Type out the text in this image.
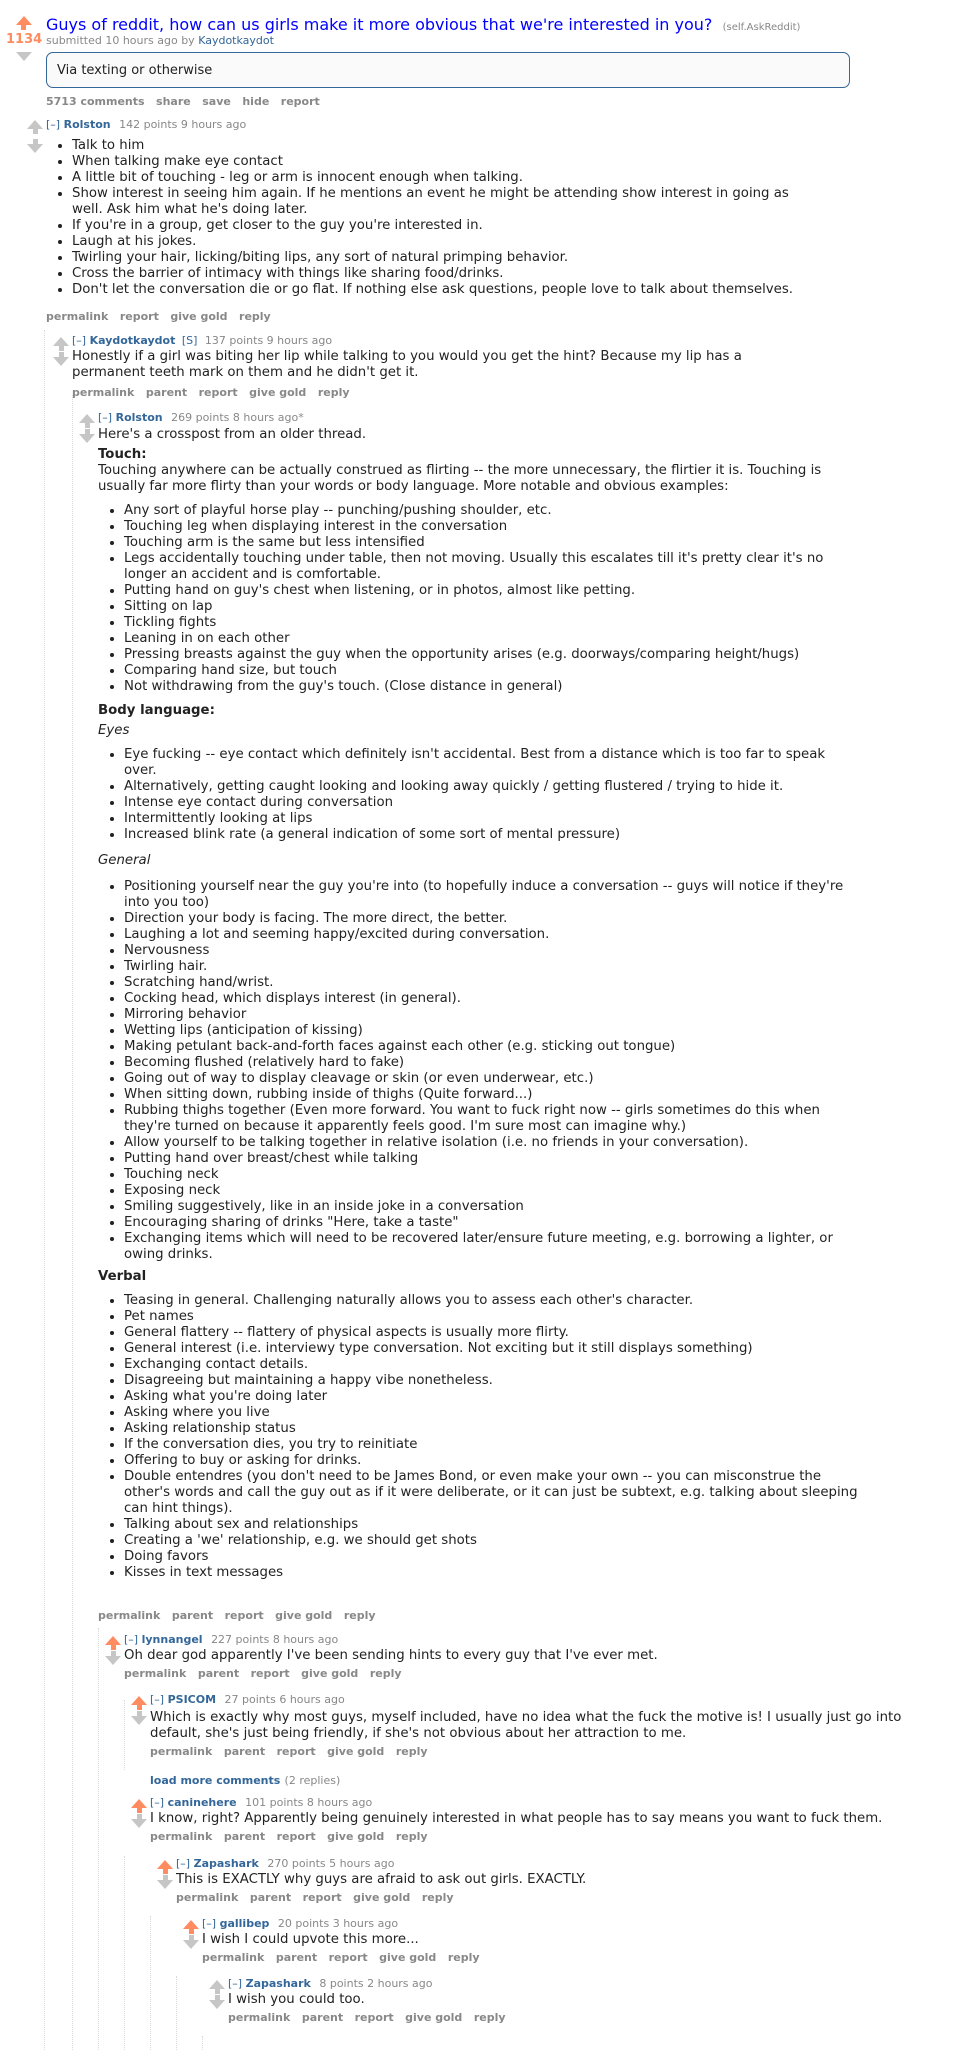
1134
Guys of reddit, how can us girls make it more obvious that we're interested in you? (self.AskReddit)
submitted 10 hours ago by Kaydotkaydot
Via texting or otherwise
5713 comments share save hide report
[–] Rolston 142 points 9 hours ago
• Talk to him
• When talking make eye contact
• A little bit of touching - leg or arm is innocent enough when talking.
• Show interest in seeing him again. If he mentions an event he might be attending show interest in going as well. Ask him what he's doing later.
• If you're in a group, get closer to the guy you're interested in.
• Laugh at his jokes.
• Twirling your hair, licking/biting lips, any sort of natural primping behavior.
• Cross the barrier of intimacy with things like sharing food/drinks.
• Don't let the conversation die or go flat. If nothing else ask questions, people love to talk about themselves.
permalink report give gold reply
[–] Kaydotkaydot [S] 137 points 9 hours ago

Honestly if a girl was biting her lip while talking to you would you get the hint? Because my lip has a permanent teeth mark on them and he didn't get it.

permalink parent report give gold reply
[–] Rolston 269 points 8 hours ago*

Here's a crosspost from an older thread.

Touch:

Touching anywhere can be actually construed as flirting -- the more unnecessary, the flirtier it is. Touching is usually far more flirty than your words or body language. More notable and obvious examples:

• Any sort of playful horse play -- punching/pushing shoulder, etc.
• Touching leg when displaying interest in the conversation
• Touching arm is the same but less intensified
• Legs accidentally touching under table, then not moving. Usually this escalates till it's pretty clear it's no longer an accident and is comfortable.
• Putting hand on guy's chest when listening, or in photos, almost like petting.
• Sitting on lap
• Tickling fights
• Leaning in on each other
• Pressing breasts against the guy when the opportunity arises (e.g. doorways/comparing height/hugs)
• Comparing hand size, but touch
• Not withdrawing from the guy's touch. (Close distance in general)
Body language:

Eyes

• Eye fucking -- eye contact which definitely isn't accidental. Best from a distance which is too far to speak over.
• Alternatively, getting caught looking and looking away quickly / getting flustered / trying to hide it.
• Intense eye contact during conversation
• Intermittently looking at lips
• Increased blink rate (a general indication of some sort of mental pressure)

General

• Positioning yourself near the guy you're into (to hopefully induce a conversation -- guys will notice if they're into you too)
• Direction your body is facing. The more direct, the better.
• Laughing a lot and seeming happy/excited during conversation.
• Nervousness
• Twirling hair.
• Scratching hand/wrist.
• Cocking head, which displays interest (in general).
• Mirroring behavior
• Wetting lips (anticipation of kissing)
• Making petulant back-and-forth faces against each other (e.g. sticking out tongue)
• Becoming flushed (relatively hard to fake)
• Going out of way to display cleavage or skin (or even underwear, etc.)
• When sitting down, rubbing inside of thighs (Quite forward...)
• Rubbing thighs together (Even more forward. You want to fuck right now -- girls sometimes do this when they're turned on because it apparently feels good. I'm sure most can imagine why.)
• Allow yourself to be talking together in relative isolation (i.e. no friends in your conversation).
• Putting hand over breast/chest while talking
• Touching neck
• Exposing neck
• Smiling suggestively, like in an inside joke in a conversation
• Encouraging sharing of drinks "Here, take a taste"
• Exchanging items which will need to be recovered later/ensure future meeting, e.g. borrowing a lighter, or owing drinks.
Verbal
• Teasing in general. Challenging naturally allows you to assess each other's character.
• Pet names
• General flattery -- flattery of physical aspects is usually more flirty.
• General interest (i.e. interviewy type conversation. Not exciting but it still displays something)
• Exchanging contact details.
• Disagreeing but maintaining a happy vibe nonetheless.
• Asking what you're doing later
• Asking where you live
• Asking relationship status
• If the conversation dies, you try to reinitiate
• Offering to buy or asking for drinks.
• Double entendres (you don't need to be James Bond, or even make your own -- you can misconstrue the other's words and call the guy out as if it were deliberate, or it can just be subtext, e.g. talking about sleeping can hint things).
• Talking about sex and relationships
• Creating a 'we' relationship, e.g. we should get shots
• Doing favors
• Kisses in text messages
permalink parent report give gold reply
[–] lynnangel 227 points 8 hours ago

Oh dear god apparently I've been sending hints to every guy that I've ever met.

permalink parent report give gold reply
[–] PSICOM 27 points 6 hours ago

Which is exactly why most guys, myself included, have no idea what the fuck the motive is! I usually just go into default, she's just being friendly, if she's not obvious about her attraction to me.

permalink parent report give gold reply
load more comments (2 replies)
[–] caninehere 101 points 8 hours ago

I know, right? Apparently being genuinely interested in what people has to say means you want to fuck them.

permalink parent report give gold reply
[–] Zapashark 270 points 5 hours ago

This is EXACTLY why guys are afraid to ask out girls. EXACTLY.

permalink parent report give gold reply
[–] gallibep 20 points 3 hours ago

I wish I could upvote this more...

permalink parent report give gold reply
[–] Zapashark 8 points 2 hours ago

I wish you could too.

permalink parent report give gold reply
